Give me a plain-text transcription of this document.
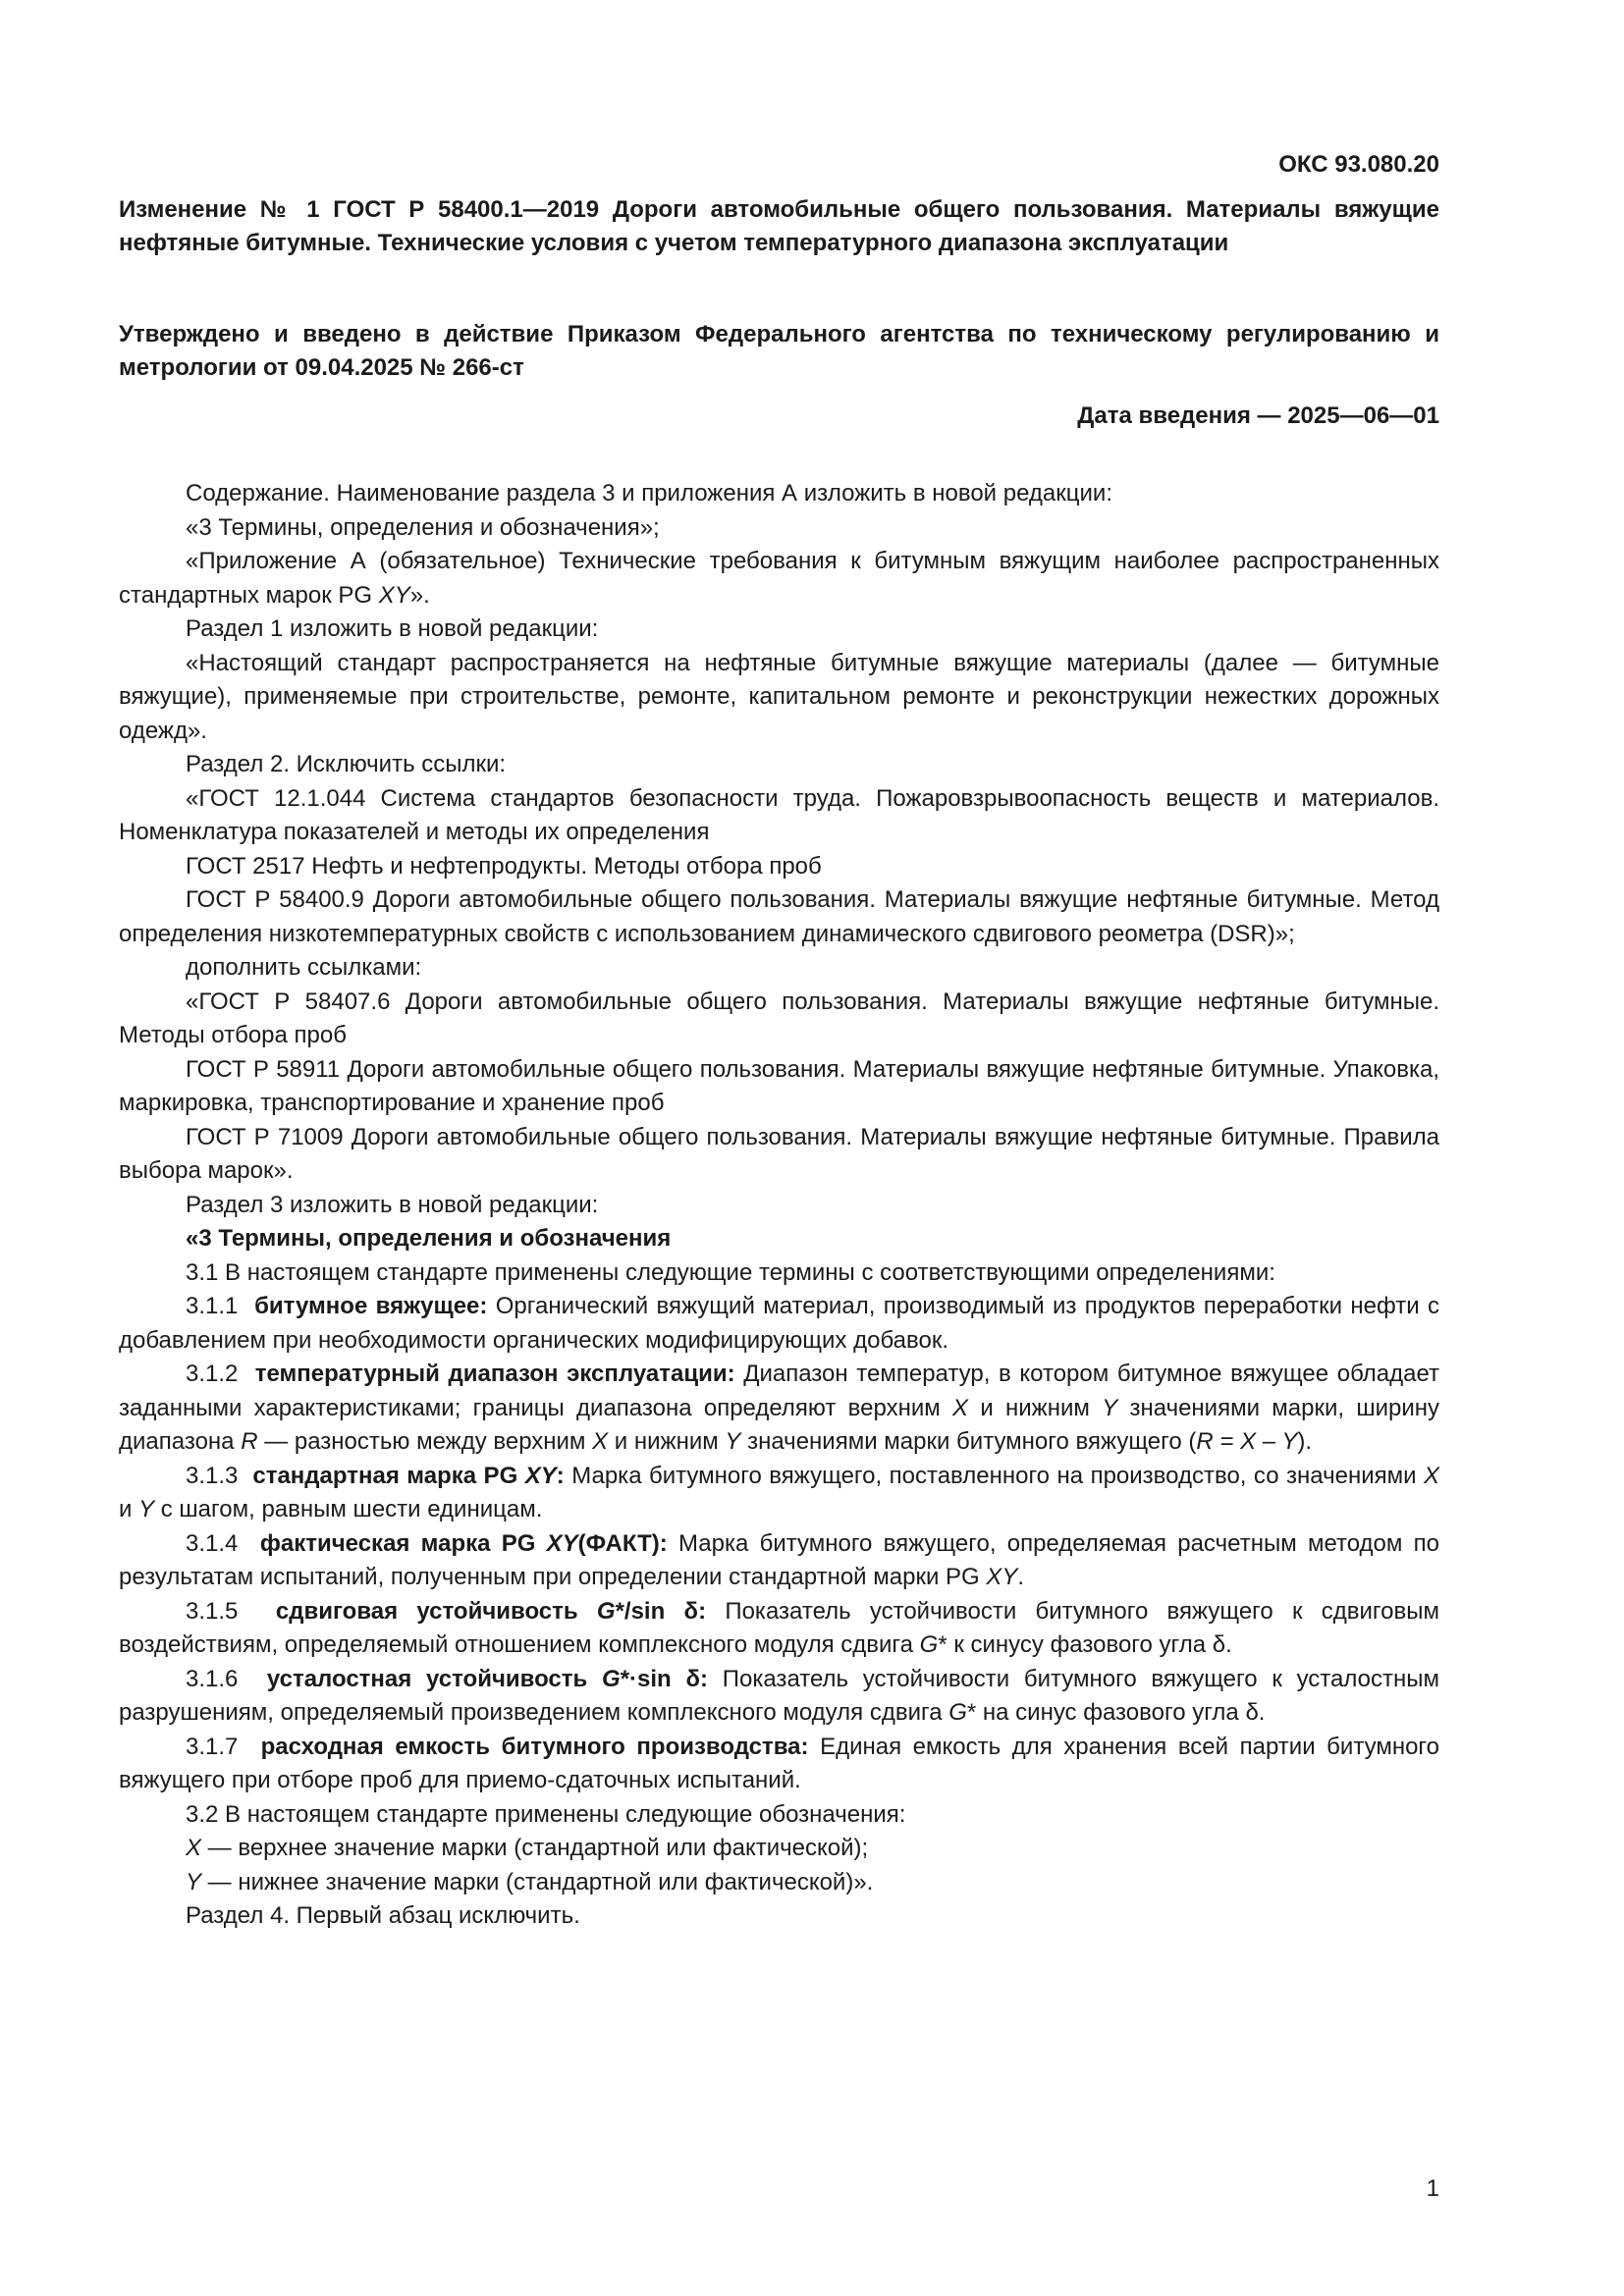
ОКС 93.080.20

Изменение № 1 ГОСТ Р 58400.1—2019 Дороги автомобильные общего пользования. Материалы вяжущие нефтяные битумные. Технические условия с учетом температурного диапазона эксплуатации

Утверждено и введено в действие Приказом Федерального агентства по техническому регулированию и метрологии от 09.04.2025 № 266-ст

Дата введения — 2025—06—01

Содержание. Наименование раздела 3 и приложения А изложить в новой редакции:

«3 Термины, определения и обозначения»;

«Приложение А (обязательное) Технические требования к битумным вяжущим наиболее распространенных стандартных марок PG XY».

Раздел 1 изложить в новой редакции:

«Настоящий стандарт распространяется на нефтяные битумные вяжущие материалы (далее — битумные вяжущие), применяемые при строительстве, ремонте, капитальном ремонте и реконструкции нежестких дорожных одежд».

Раздел 2. Исключить ссылки:

«ГОСТ 12.1.044 Система стандартов безопасности труда. Пожаровзрывоопасность веществ и материалов. Номенклатура показателей и методы их определения

ГОСТ 2517 Нефть и нефтепродукты. Методы отбора проб

ГОСТ Р 58400.9 Дороги автомобильные общего пользования. Материалы вяжущие нефтяные битумные. Метод определения низкотемпературных свойств с использованием динамического сдвигового реометра (DSR)»;

дополнить ссылками:

«ГОСТ Р 58407.6 Дороги автомобильные общего пользования. Материалы вяжущие нефтяные битумные. Методы отбора проб

ГОСТ Р 58911 Дороги автомобильные общего пользования. Материалы вяжущие нефтяные битумные. Упаковка, маркировка, транспортирование и хранение проб

ГОСТ Р 71009 Дороги автомобильные общего пользования. Материалы вяжущие нефтяные битумные. Правила выбора марок».

Раздел 3 изложить в новой редакции:

«3 Термины, определения и обозначения

3.1 В настоящем стандарте применены следующие термины с соответствующими определениями:

3.1.1 битумное вяжущее: Органический вяжущий материал, производимый из продуктов переработки нефти с добавлением при необходимости органических модифицирующих добавок.

3.1.2 температурный диапазон эксплуатации: Диапазон температур, в котором битумное вяжущее обладает заданными характеристиками; границы диапазона определяют верхним X и нижним Y значениями марки, ширину диапазона R — разностью между верхним X и нижним Y значениями марки битумного вяжущего (R = X – Y).

3.1.3 стандартная марка PG XY: Марка битумного вяжущего, поставленного на производство, со значениями X и Y с шагом, равным шести единицам.

3.1.4 фактическая марка PG XY(ФАКТ): Марка битумного вяжущего, определяемая расчетным методом по результатам испытаний, полученным при определении стандартной марки PG XY.

3.1.5 сдвиговая устойчивость G*/sin δ: Показатель устойчивости битумного вяжущего к сдвиговым воздействиям, определяемый отношением комплексного модуля сдвига G* к синусу фазового угла δ.

3.1.6 усталостная устойчивость G*·sin δ: Показатель устойчивости битумного вяжущего к усталостным разрушениям, определяемый произведением комплексного модуля сдвига G* на синус фазового угла δ.

3.1.7 расходная емкость битумного производства: Единая емкость для хранения всей партии битумного вяжущего при отборе проб для приемо-сдаточных испытаний.

3.2 В настоящем стандарте применены следующие обозначения:

X — верхнее значение марки (стандартной или фактической);

Y — нижнее значение марки (стандартной или фактической)».

Раздел 4. Первый абзац исключить.

1
